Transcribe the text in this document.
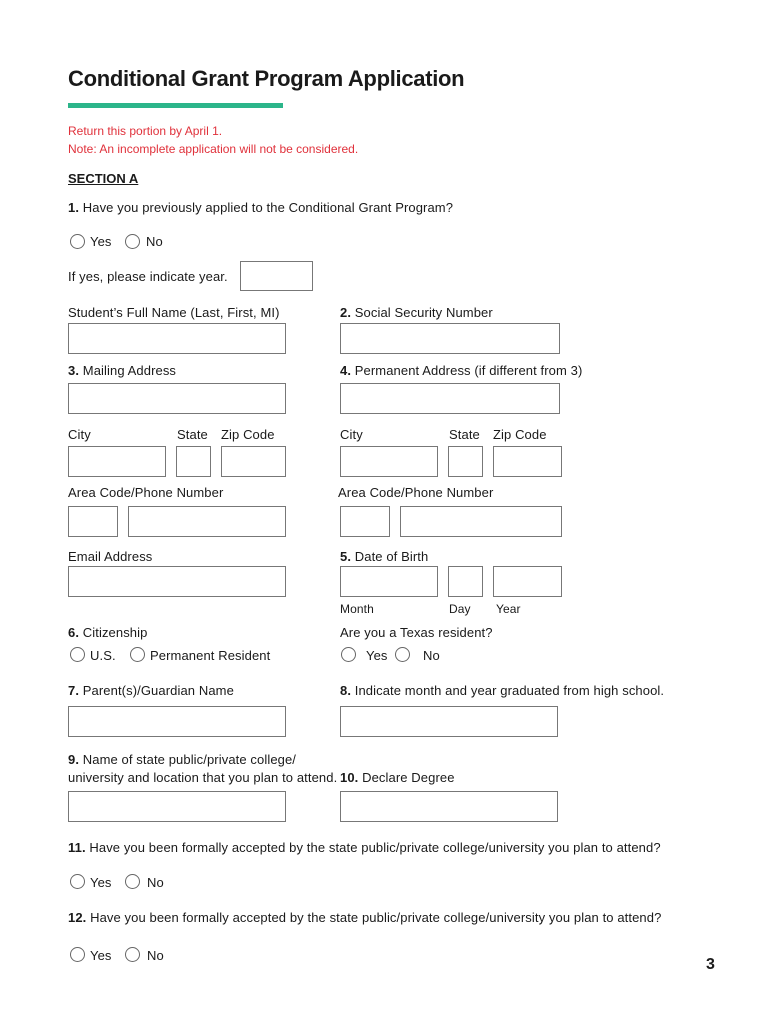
Conditional Grant Program Application
Return this portion by April 1.
Note: An incomplete application will not be considered.
SECTION A
1. Have you previously applied to the Conditional Grant Program?
Yes	No
If yes, please indicate year.
Student’s Full Name (Last, First, MI)	2. Social Security Number
3. Mailing Address	4. Permanent Address (if different from 3)
City	State Zip Code	City	State Zip Code
Area Code/Phone Number	Area Code/Phone Number
Email Address	5. Date of Birth
Month	Day Year
6. Citizenship	Are you a Texas resident?
U.S.	Permanent Resident	Yes	No
7. Parent(s)/Guardian Name	8. Indicate month and year graduated from high school.
9. Name of state public/private college/
university and location that you plan to attend. 10. Declare Degree
11. Have you been formally accepted by the state public/private college/university you plan to attend?
Yes	No
12. Have you been formally accepted by the state public/private college/university you plan to attend?
Yes	No
3
